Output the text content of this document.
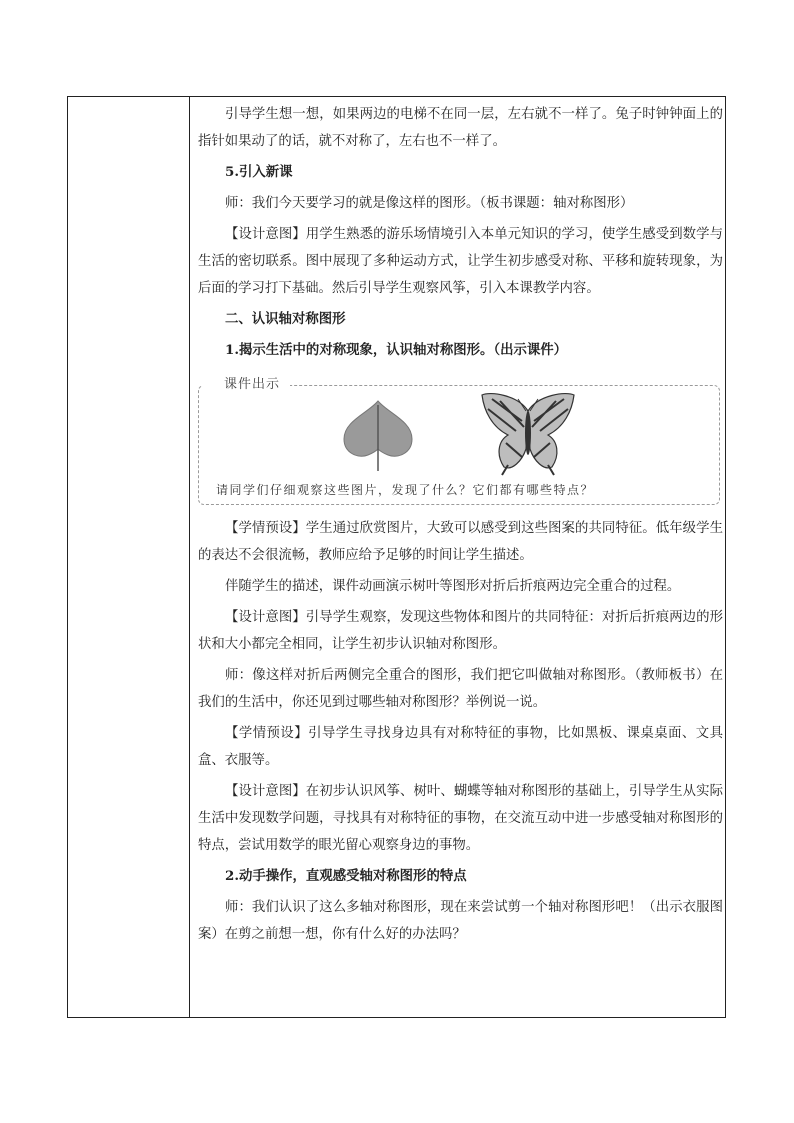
引导学生想一想，如果两边的电梯不在同一层，左右就不一样了。兔子时钟钟面上的指针如果动了的话，就不对称了，左右也不一样了。

5.引入新课

师：我们今天要学习的就是像这样的图形。（板书课题：轴对称图形）

【设计意图】用学生熟悉的游乐场情境引入本单元知识的学习，使学生感受到数学与生活的密切联系。图中展现了多种运动方式，让学生初步感受对称、平移和旋转现象，为后面的学习打下基础。然后引导学生观察风筝，引入本课教学内容。

二、认识轴对称图形

1.揭示生活中的对称现象，认识轴对称图形。（出示课件）

课件出示
请同学们仔细观察这些图片，发现了什么？它们都有哪些特点？

【学情预设】学生通过欣赏图片，大致可以感受到这些图案的共同特征。低年级学生的表达不会很流畅，教师应给予足够的时间让学生描述。

伴随学生的描述，课件动画演示树叶等图形对折后折痕两边完全重合的过程。

【设计意图】引导学生观察，发现这些物体和图片的共同特征：对折后折痕两边的形状和大小都完全相同，让学生初步认识轴对称图形。

师：像这样对折后两侧完全重合的图形，我们把它叫做轴对称图形。（教师板书）在我们的生活中，你还见到过哪些轴对称图形？举例说一说。

【学情预设】引导学生寻找身边具有对称特征的事物，比如黑板、课桌桌面、文具盒、衣服等。

【设计意图】在初步认识风筝、树叶、蝴蝶等轴对称图形的基础上，引导学生从实际生活中发现数学问题，寻找具有对称特征的事物，在交流互动中进一步感受轴对称图形的特点，尝试用数学的眼光留心观察身边的事物。

2.动手操作，直观感受轴对称图形的特点

师：我们认识了这么多轴对称图形，现在来尝试剪一个轴对称图形吧！（出示衣服图案）在剪之前想一想，你有什么好的办法吗？
